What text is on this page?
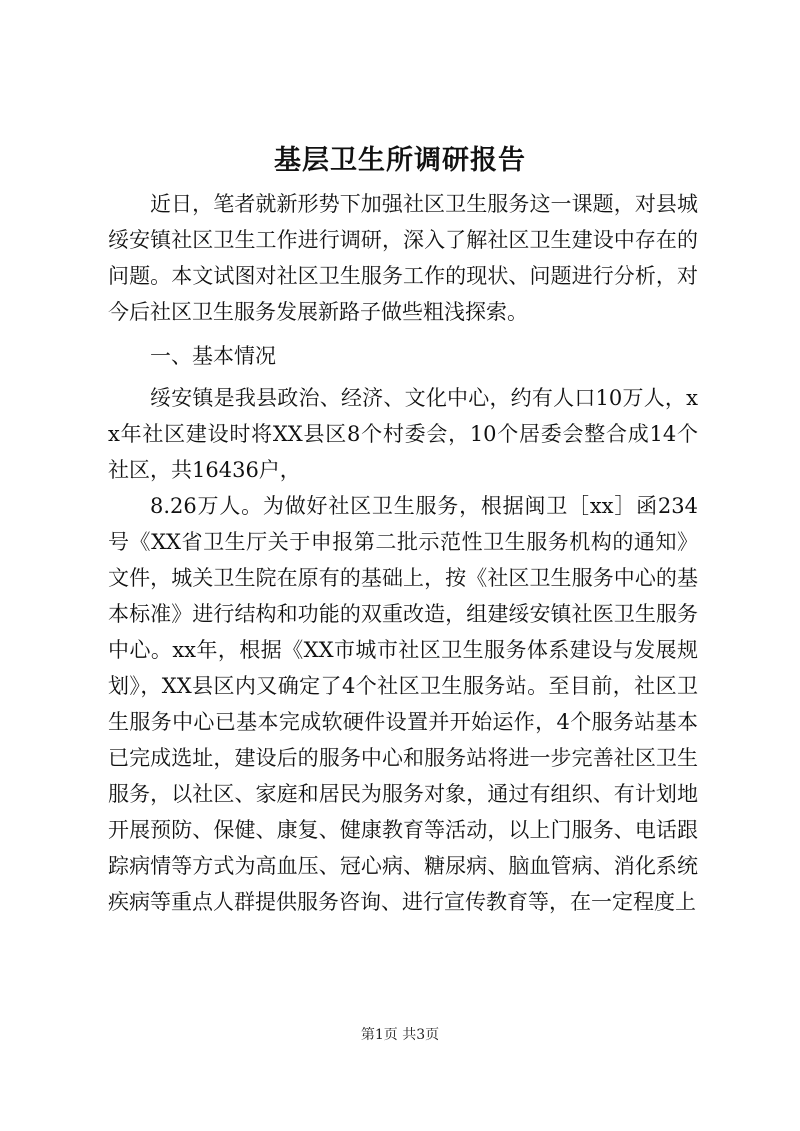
基层卫生所调研报告

近日，笔者就新形势下加强社区卫生服务这一课题，对县城绥安镇社区卫生工作进行调研，深入了解社区卫生建设中存在的问题。本文试图对社区卫生服务工作的现状、问题进行分析，对今后社区卫生服务发展新路子做些粗浅探索。

一、基本情况

绥安镇是我县政治、经济、文化中心，约有人口10万人，xx年社区建设时将XX县区8个村委会，10个居委会整合成14个社区，共16436户，

8.26万人。为做好社区卫生服务，根据闽卫［xx］函234号《XX省卫生厅关于申报第二批示范性卫生服务机构的通知》文件，城关卫生院在原有的基础上，按《社区卫生服务中心的基本标准》进行结构和功能的双重改造，组建绥安镇社医卫生服务中心。xx年，根据《XX市城市社区卫生服务体系建设与发展规划》，XX县区内又确定了4个社区卫生服务站。至目前，社区卫生服务中心已基本完成软硬件设置并开始运作，4个服务站基本已完成选址，建设后的服务中心和服务站将进一步完善社区卫生服务，以社区、家庭和居民为服务对象，通过有组织、有计划地开展预防、保健、康复、健康教育等活动，以上门服务、电话跟踪病情等方式为高血压、冠心病、糖尿病、脑血管病、消化系统疾病等重点人群提供服务咨询、进行宣传教育等，在一定程度上

第1页 共3页
